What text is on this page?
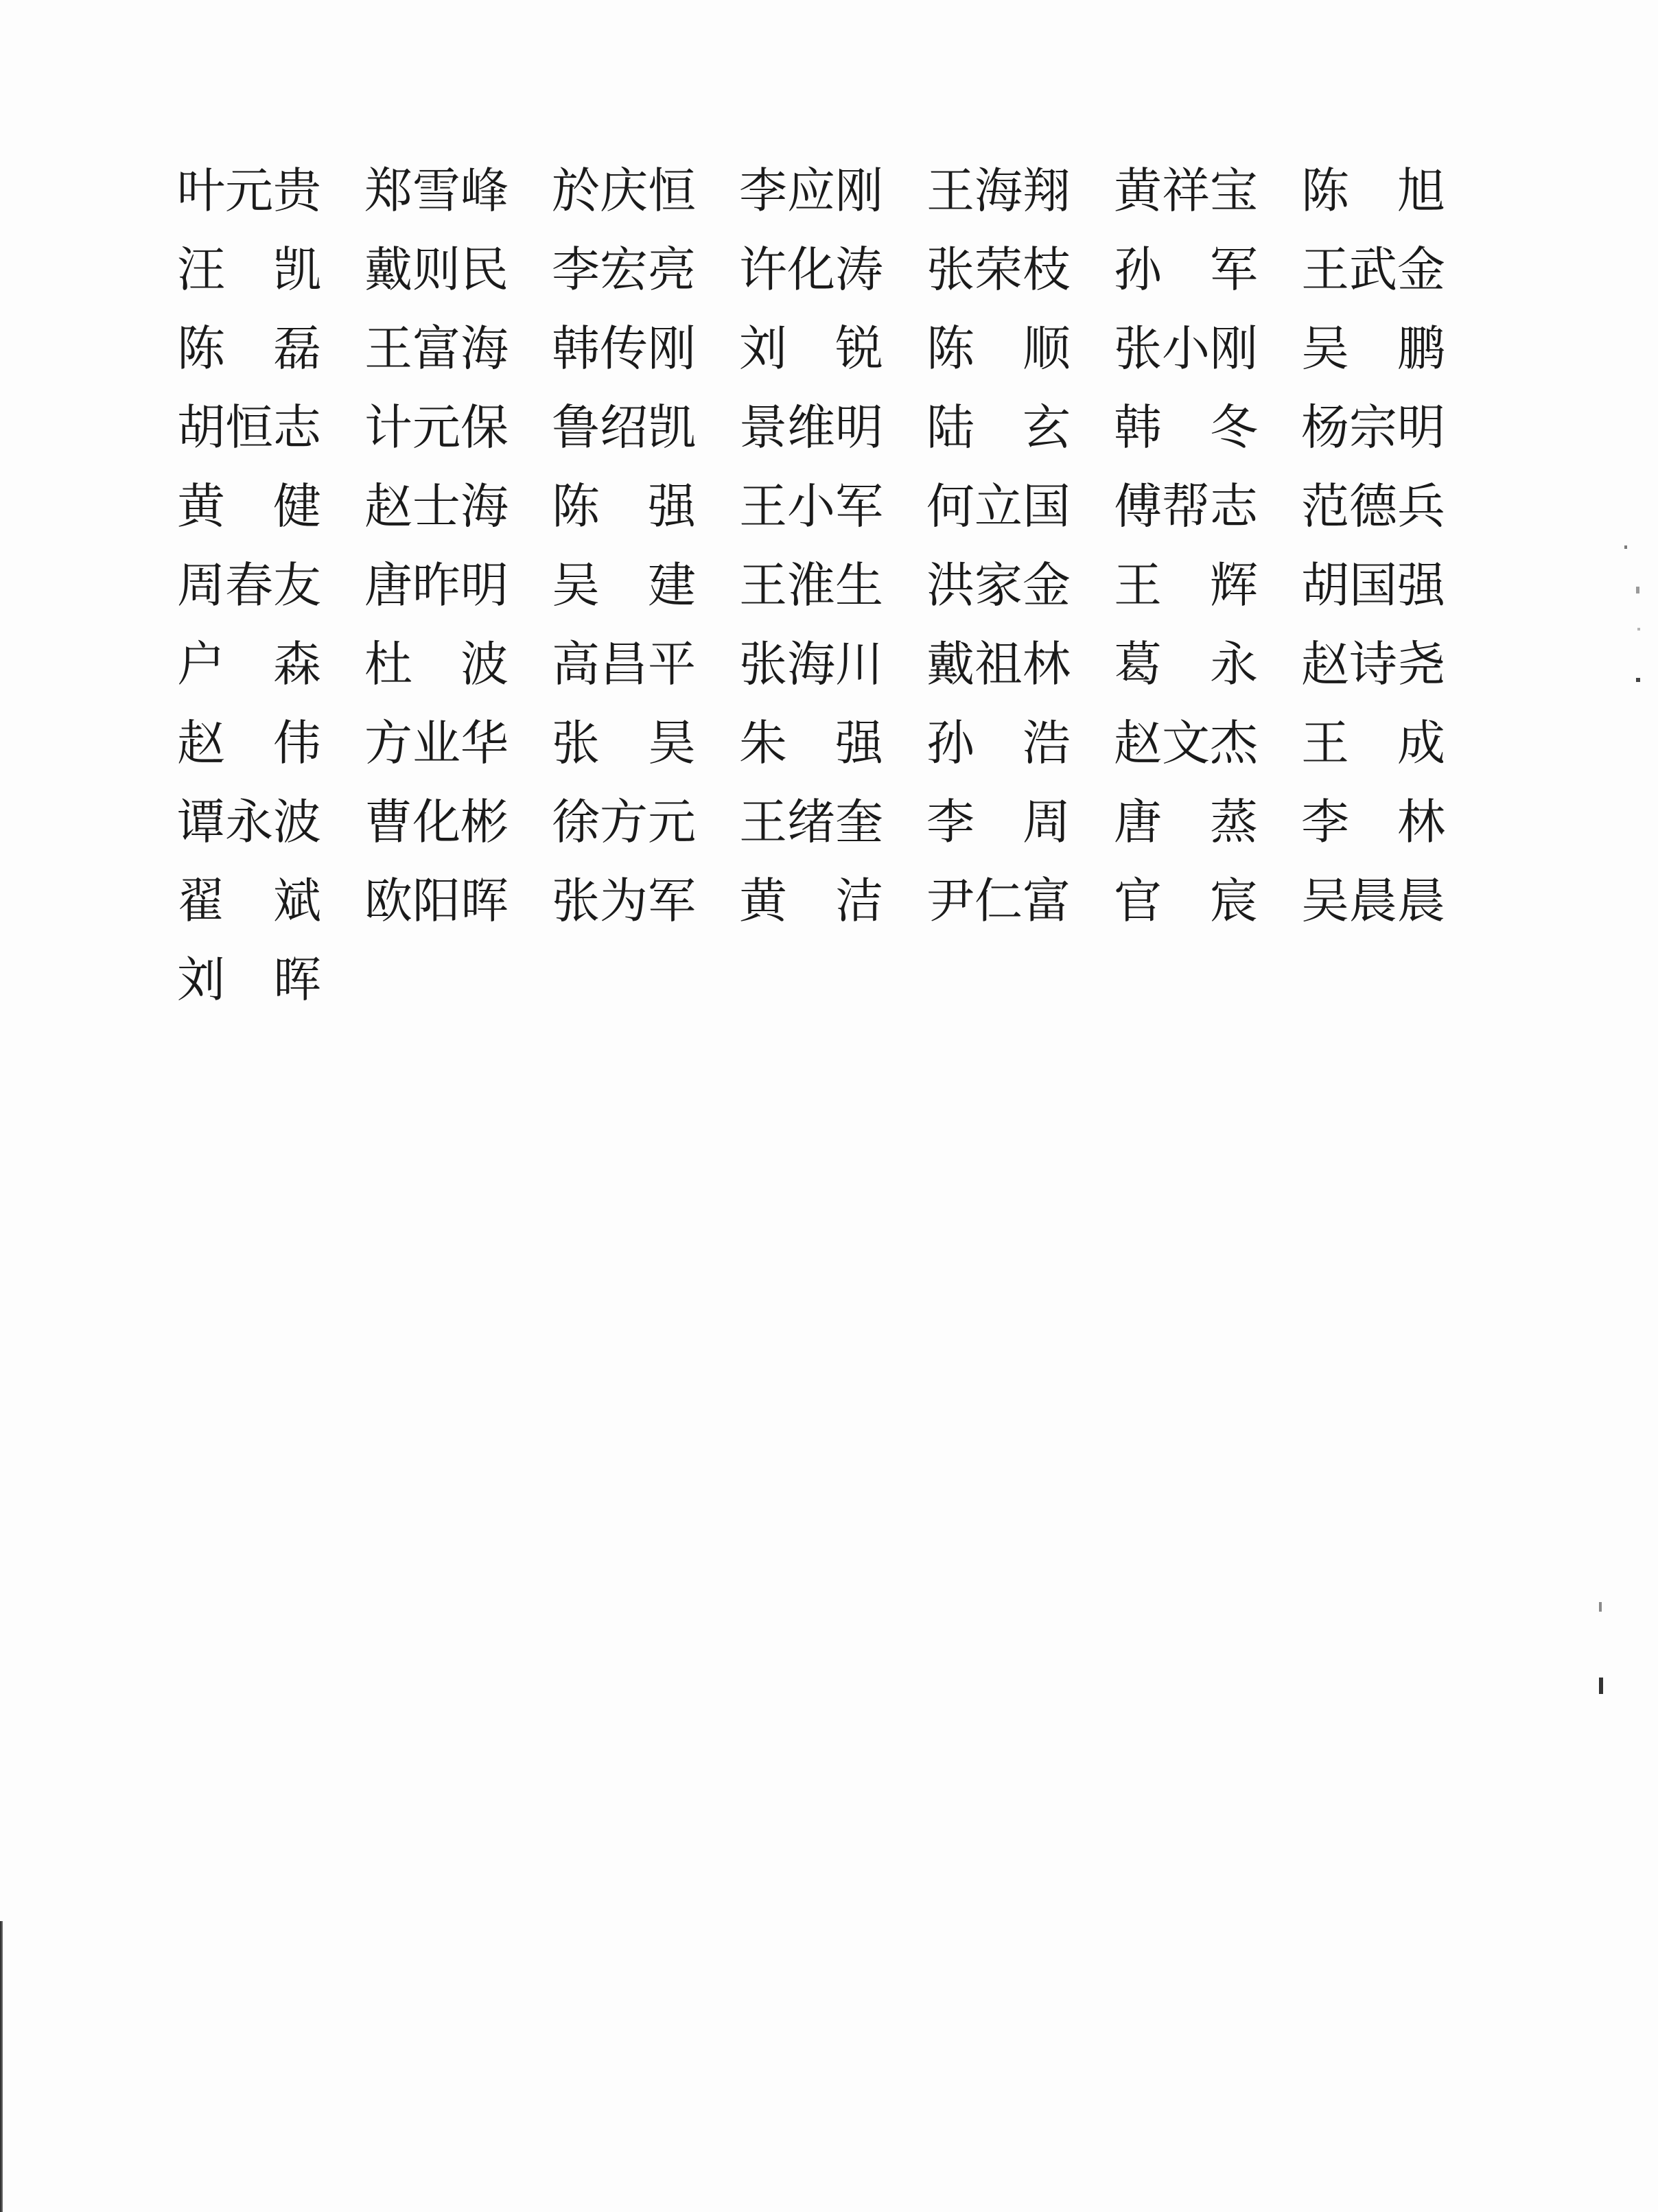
叶 元 贵 郑 雪 峰 於 庆 恒 李 应 刚 王 海 翔 黄 祥 宝 陈 旭
汪 凯 戴 则 民 李 宏 亮 许 化 涛 张 荣 枝 孙 军 王 武 金
陈 磊 王 富 海 韩 传 刚 刘 锐 陈 顺 张 小 刚 吴 鹏
胡 恒 志 计 元 保 鲁 绍 凯 景 维 明 陆 玄 韩 冬 杨 宗 明
黄 健 赵 士 海 陈 强 王 小 军 何 立 国 傅 帮 志 范 德 兵
周 春 友 唐 昨 明 吴 建 王 淮 生 洪 家 金 王 辉 胡 国 强
户 森 杜 波 高 昌 平 张 海 川 戴 祖 林 葛 永 赵 诗 尧
赵 伟 方 业 华 张 昊 朱 强 孙 浩 赵 文 杰 王 成
谭 永 波 曹 化 彬 徐 方 元 王 绪 奎 李 周 唐 蒸 李 林
翟 斌 欧 阳 晖 张 为 军 黄 洁 尹 仁 富 官 宸 吴 晨 晨
刘 晖
